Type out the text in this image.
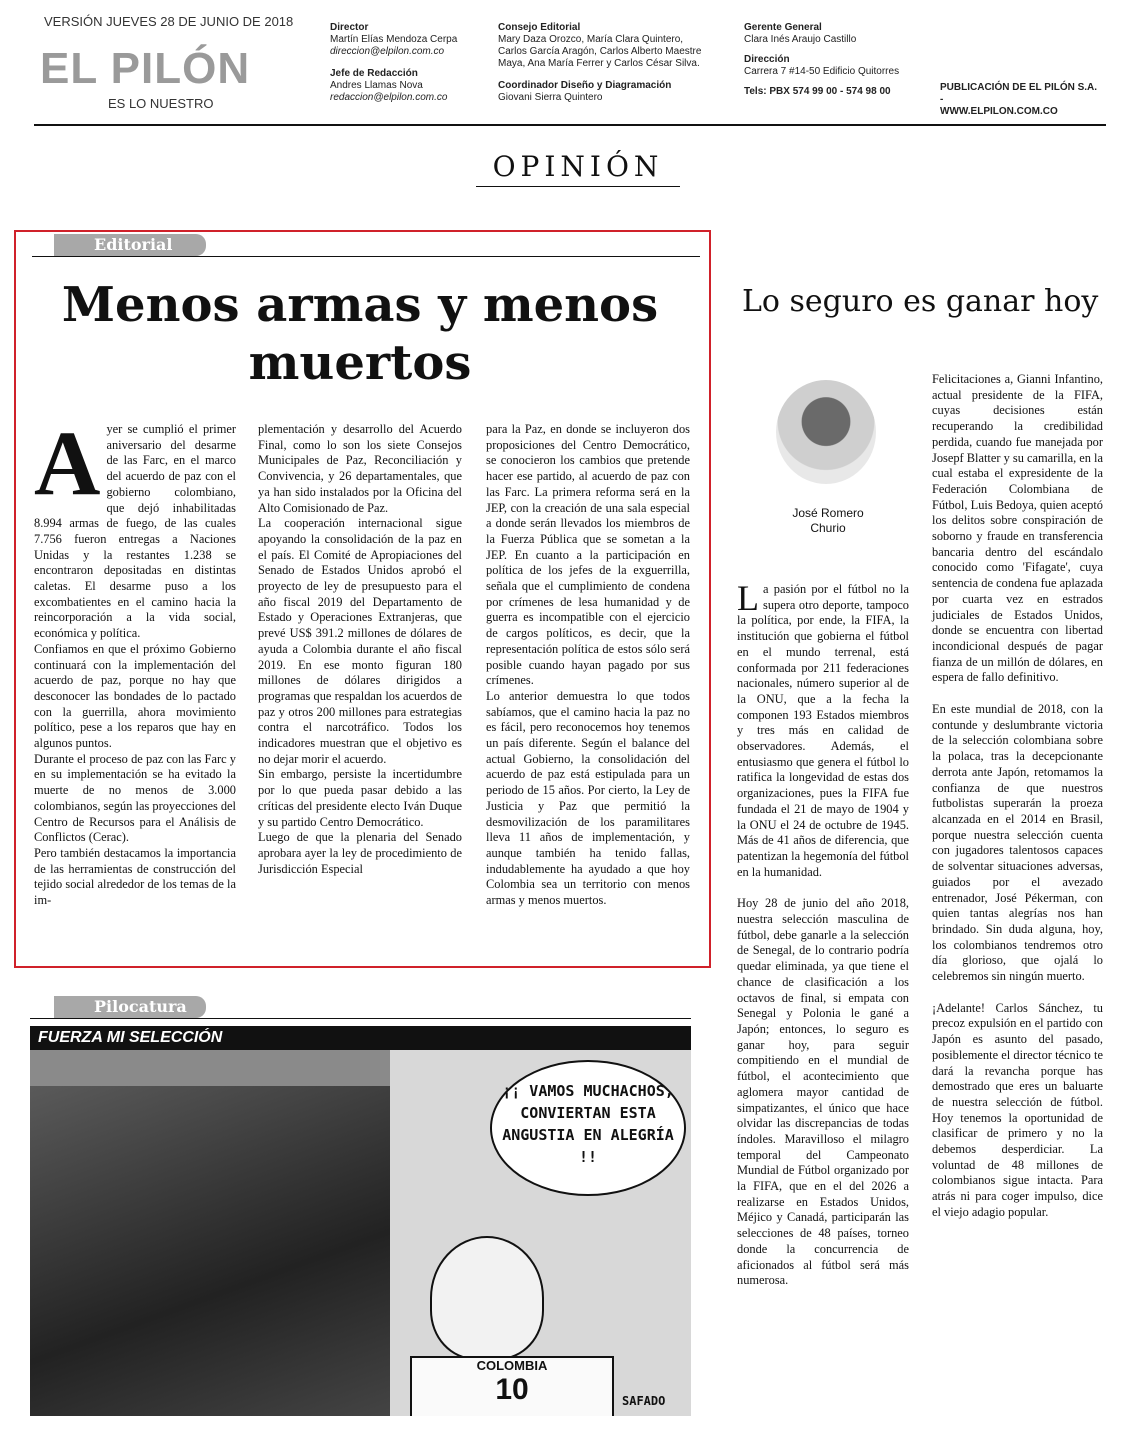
VERSIÓN JUEVES 28 DE JUNIO DE 2018
EL PILÓN
ES LO NUESTRO
Director
Martín Elías Mendoza Cerpa
direccion@elpilon.com.co
Jefe de Redacción
Andres Llamas Nova
redaccion@elpilon.com.co
Consejo Editorial
Mary Daza Orozco, María Clara Quintero,
Carlos García Aragón, Carlos Alberto Maestre
Maya, Ana María Ferrer y Carlos César Silva.
Coordinador Diseño y Diagramación
Giovani Sierra Quintero
Gerente General
Clara Inés Araujo Castillo
Dirección
Carrera 7 #14-50 Edificio Quitorres
Tels: PBX 574 99 00 - 574 98 00	PUBLICACIÓN DE EL PILÓN S.A. -
WWW.ELPILON.COM.CO
OPINIÓN
Editorial
Menos armas y menos muertos
A yer se cumplió el primer aniversario del desarme de las Farc, en el marco del acuerdo de paz con el gobierno colombiano, que dejó inhabilitadas 8.994 armas de fuego, de las cuales 7.756 fueron entregas a Naciones Unidas y la restantes 1.238 se encontraron depositadas en distintas caletas. El desarme puso a los excombatientes en el camino hacia la reincorporación a la vida social, económica y política.

Confiamos en que el próximo Gobierno continuará con la implementación del acuerdo de paz, porque no hay que desconocer las bondades de lo pactado con la guerrilla, ahora movimiento político, pese a los reparos que hay en algunos puntos.

Durante el proceso de paz con las Farc y en su implementación se ha evitado la muerte de no menos de 3.000 colombianos, según las proyecciones del Centro de Recursos para el Análisis de Conflictos (Cerac).

Pero también destacamos la importancia de las herramientas de construcción del tejido social alrededor de los temas de la im-

plementación y desarrollo del Acuerdo Final, como lo son los siete Consejos Municipales de Paz, Reconciliación y Convivencia, y 26 departamentales, que ya han sido instalados por la Oficina del Alto Comisionado de Paz.

La cooperación internacional sigue apoyando la consolidación de la paz en el país. El Comité de Apropiaciones del Senado de Estados Unidos aprobó el proyecto de ley de presupuesto para el año fiscal 2019 del Departamento de Estado y Operaciones Extranjeras, que prevé US$ 391.2 millones de dólares de ayuda a Colombia durante el año fiscal 2019. En ese monto figuran 180 millones de dólares dirigidos a programas que respaldan los acuerdos de paz y otros 200 millones para estrategias contra el narcotráfico. Todos los indicadores muestran que el objetivo es no dejar morir el acuerdo.

Sin embargo, persiste la incertidumbre por lo que pueda pasar debido a las críticas del presidente electo Iván Duque y su partido Centro Democrático.

Luego de que la plenaria del Senado aprobara ayer la ley de procedimiento de Jurisdicción Especial

para la Paz, en donde se incluyeron dos proposiciones del Centro Democrático, se conocieron los cambios que pretende hacer ese partido, al acuerdo de paz con las Farc. La primera reforma será en la JEP, con la creación de una sala especial a donde serán llevados los miembros de la Fuerza Pública que se sometan a la JEP. En cuanto a la participación en política de los jefes de la exguerrilla, señala que el cumplimiento de condena por crímenes de lesa humanidad y de guerra es incompatible con el ejercicio de cargos políticos, es decir, que la representación política de estos sólo será posible cuando hayan pagado por sus crímenes.

Lo anterior demuestra lo que todos sabíamos, que el camino hacia la paz no es fácil, pero reconocemos hoy tenemos un país diferente. Según el balance del actual Gobierno, la consolidación del acuerdo de paz está estipulada para un periodo de 15 años. Por cierto, la Ley de Justicia y Paz que permitió la desmovilización de los paramilitares lleva 11 años de implementación, y aunque también ha tenido fallas, indudablemente ha ayudado a que hoy Colombia sea un territorio con menos armas y menos muertos.

Pilocatura
FUERZA MI SELECCIÓN
¡¡ VAMOS MUCHACHOS, CONVIERTAN ESTA ANGUSTIA EN ALEGRÍA !!
COLOMBIA
10	SAFADO
Lo seguro es ganar hoy
José Romero
Churio
L a pasión por el fútbol no la supera otro deporte, tampoco la política, por ende, la FIFA, la institución que gobierna el fútbol en el mundo terrenal, está conformada por 211 federaciones nacionales, número superior al de la ONU, que a la fecha la componen 193 Estados miembros y tres más en calidad de observadores. Además, el entusiasmo que genera el fútbol lo ratifica la longevidad de estas dos organizaciones, pues la FIFA fue fundada el 21 de mayo de 1904 y la ONU el 24 de octubre de 1945. Más de 41 años de diferencia, que patentizan la hegemonía del fútbol en la humanidad.

Hoy 28 de junio del año 2018, nuestra selección masculina de fútbol, debe ganarle a la selección de Senegal, de lo contrario podría quedar eliminada, ya que tiene el chance de clasificación a los octavos de final, si empata con Senegal y Polonia le gané a Japón; entonces, lo seguro es ganar hoy, para seguir compitiendo en el mundial de fútbol, el acontecimiento que aglomera mayor cantidad de simpatizantes, el único que hace olvidar las discrepancias de todas índoles. Maravilloso el milagro temporal del Campeonato Mundial de Fútbol organizado por la FIFA, que en el del 2026 a realizarse en Estados Unidos, Méjico y Canadá, participarán las selecciones de 48 países, torneo donde la concurrencia de aficionados al fútbol será más numerosa.

Felicitaciones a, Gianni Infantino, actual presidente de la FIFA, cuyas decisiones están recuperando la credibilidad perdida, cuando fue manejada por Josepf Blatter y su camarilla, en la cual estaba el expresidente de la Federación Colombiana de Fútbol, Luis Bedoya, quien aceptó los delitos sobre conspiración de soborno y fraude en transferencia bancaria dentro del escándalo conocido como 'Fifagate', cuya sentencia de condena fue aplazada por cuarta vez en estrados judiciales de Estados Unidos, donde se encuentra con libertad incondicional después de pagar fianza de un millón de dólares, en espera de fallo definitivo.

En este mundial de 2018, con la contunde y deslumbrante victoria de la selección colombiana sobre la polaca, tras la decepcionante derrota ante Japón, retomamos la confianza de que nuestros futbolistas superarán la proeza alcanzada en el 2014 en Brasil, porque nuestra selección cuenta con jugadores talentosos capaces de solventar situaciones adversas, guiados por el avezado entrenador, José Pékerman, con quien tantas alegrías nos han brindado. Sin duda alguna, hoy, los colombianos tendremos otro día glorioso, que ojalá lo celebremos sin ningún muerto.

¡Adelante! Carlos Sánchez, tu precoz expulsión en el partido con Japón es asunto del pasado, posiblemente el director técnico te dará la revancha porque has demostrado que eres un baluarte de nuestra selección de fútbol. Hoy tenemos la oportunidad de clasificar de primero y no la debemos desperdiciar. La voluntad de 48 millones de colombianos sigue intacta. Para atrás ni para coger impulso, dice el viejo adagio popular.
